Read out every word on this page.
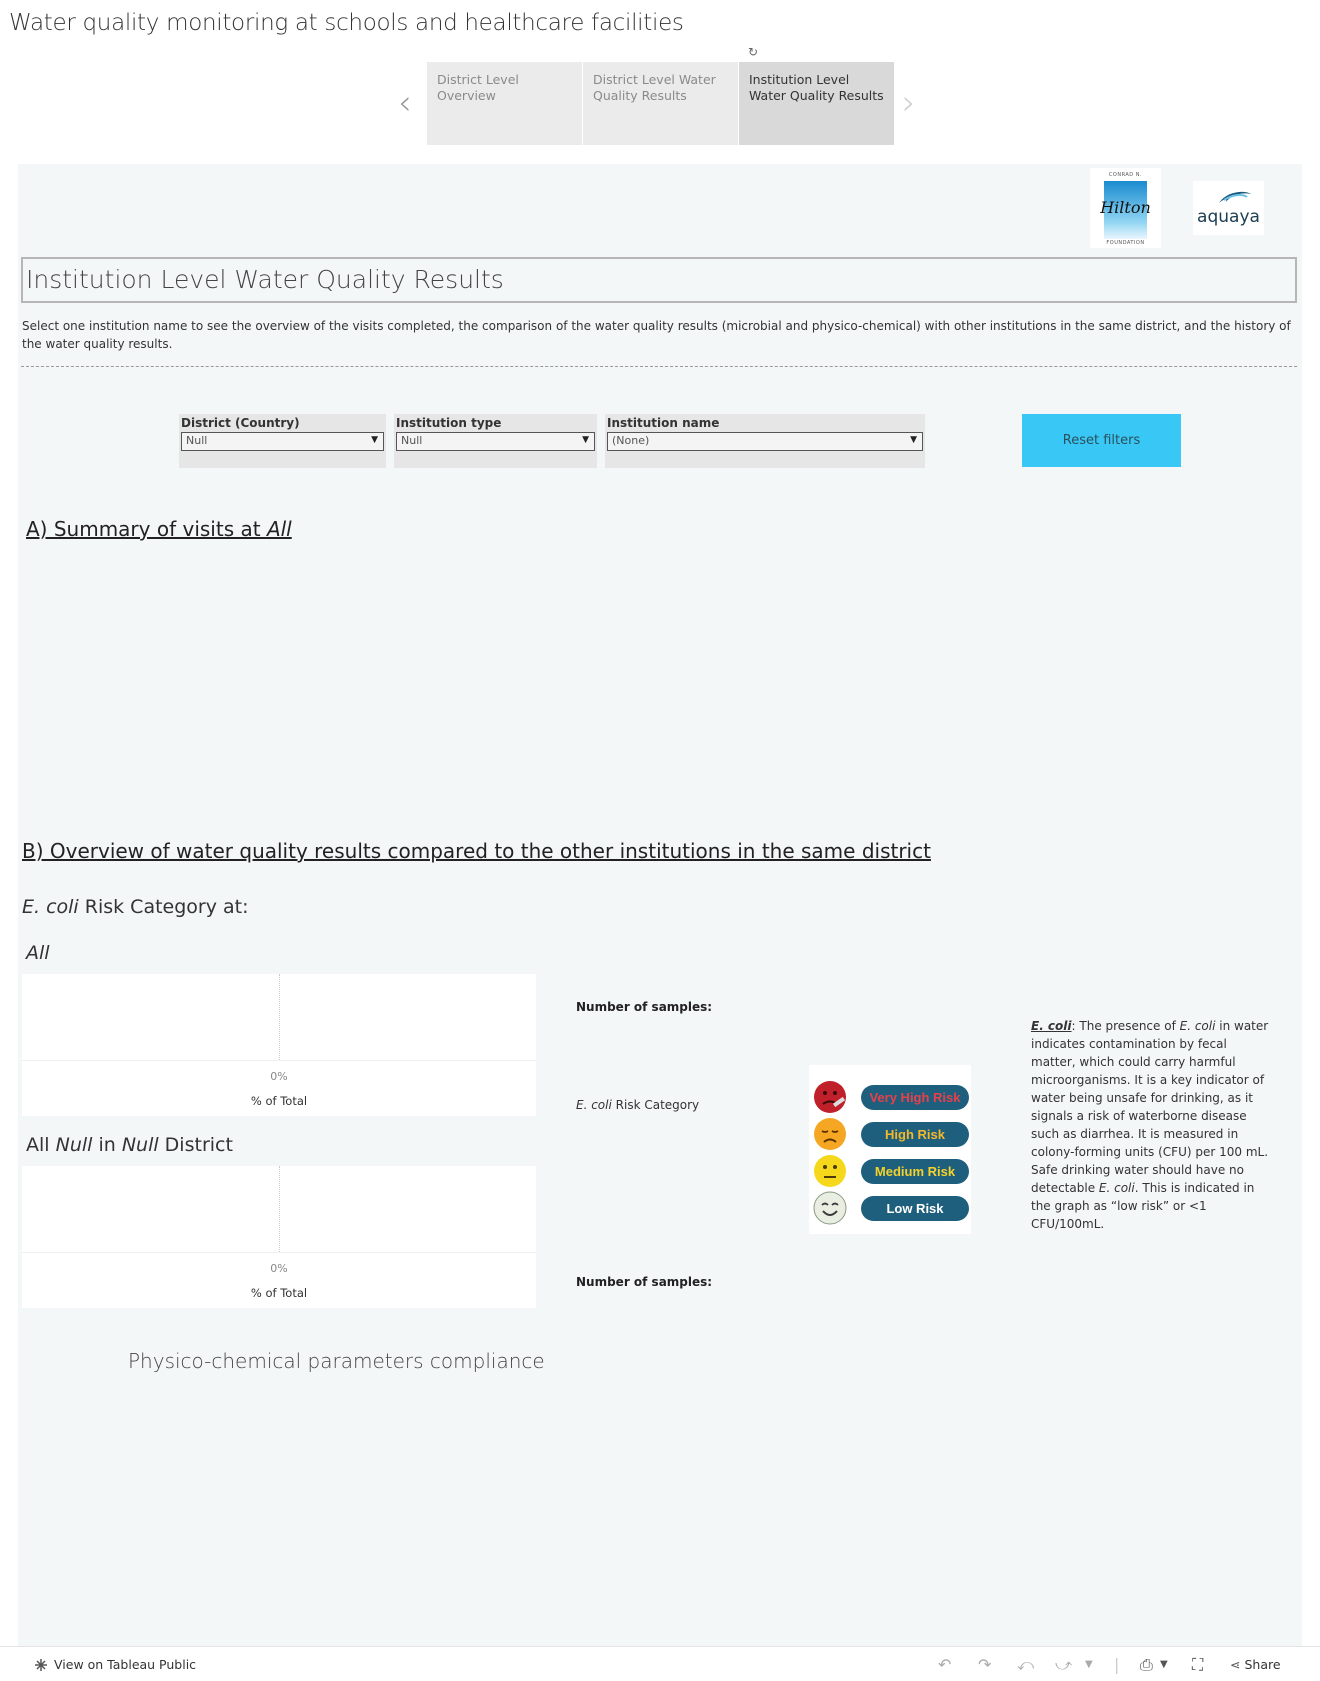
Water quality monitoring at schools and healthcare facilities
↻
‹
District Level Overview
District Level Water Quality Results
Institution Level Water Quality Results ›
CONRAD N.
Hilton
FOUNDATION
aquaya
Institution Level Water Quality Results
Select one institution name to see the overview of the visits completed, the comparison of the water quality results (microbial and physico-chemical) with other institutions in the same district, and the history of the water quality results.
District (Country)
Null	▼
Institution type
Null	▼
Institution name
(None)	▼	Reset filters
A) Summary of visits at All
B) Overview of water quality results compared to the other institutions in the same district
E. coli Risk Category at:
All
0%
% of Total
All Null in Null District
0%
% of Total
Number of samples:
Number of samples:
E. coli Risk Category	Very High Risk
High Risk
Medium Risk
Low Risk
E. coli: The presence of E. coli in water indicates contamination by fecal matter, which could carry harmful microorganisms. It is a key indicator of water being unsafe for drinking, as it signals a risk of waterborne disease such as diarrhea. It is measured in colony-forming units (CFU) per 100 mL.
Safe drinking water should have no detectable E. coli. This is indicated in the graph as “low risk” or <1 CFU/100mL.
Physico-chemical parameters compliance
View on Tableau Public	↶ ↷ ⤺ ⤻ ▼ | ⎙ ▼ ⛶ ⋖ Share
